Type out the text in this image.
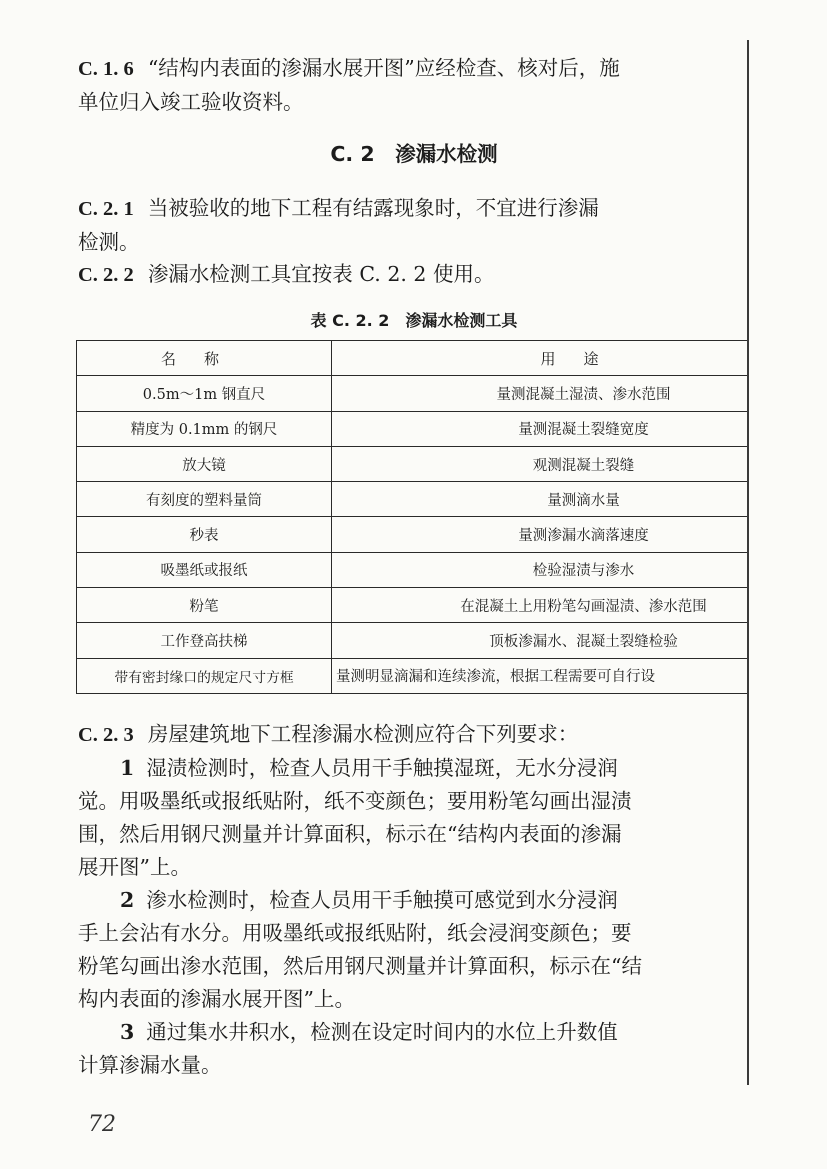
C. 1. 6 “结构内表面的渗漏水展开图”应经检查、核对后，施
单位归入竣工验收资料。
C. 2　渗漏水检测
C. 2. 1 当被验收的地下工程有结露现象时，不宜进行渗漏
检测。
C. 2. 2 渗漏水检测工具宜按表 C. 2. 2 使用。
表 C. 2. 2　渗漏水检测工具
名称	用途
0.5m～1m 钢直尺	量测混凝土湿渍、渗水范围
精度为 0.1mm 的钢尺	量测混凝土裂缝宽度
放大镜	观测混凝土裂缝
有刻度的塑料量筒	量测滴水量
秒表	量测渗漏水滴落速度
吸墨纸或报纸	检验湿渍与渗水
粉笔	在混凝土上用粉笔勾画湿渍、渗水范围
工作登高扶梯	顶板渗漏水、混凝土裂缝检验
带有密封缘口的规定尺寸方框	量测明显滴漏和连续渗流，根据工程需要可自行设
C. 2. 3 房屋建筑地下工程渗漏水检测应符合下列要求：
1 湿渍检测时，检查人员用干手触摸湿斑，无水分浸润
觉。用吸墨纸或报纸贴附，纸不变颜色；要用粉笔勾画出湿渍
围，然后用钢尺测量并计算面积，标示在“结构内表面的渗漏
展开图”上。
2 渗水检测时，检查人员用干手触摸可感觉到水分浸润
手上会沾有水分。用吸墨纸或报纸贴附，纸会浸润变颜色；要
粉笔勾画出渗水范围，然后用钢尺测量并计算面积，标示在“结
构内表面的渗漏水展开图”上。
3 通过集水井积水，检测在设定时间内的水位上升数值
计算渗漏水量。
72
